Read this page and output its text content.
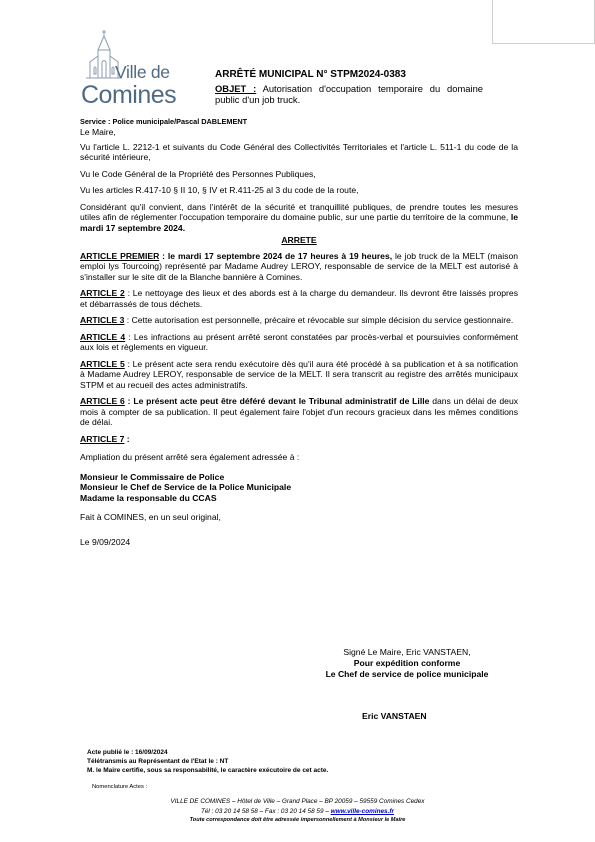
Ville de
Comines
ARRÊTÉ MUNICIPAL N° STPM2024-0383
OBJET : Autorisation d'occupation temporaire du domaine public d'un job truck.
Service : Police municipale/Pascal DABLEMENT

Le Maire,

Vu l'article L. 2212-1 et suivants du Code Général des Collectivités Territoriales et l'article L. 511-1 du code de la sécurité intérieure,

Vu le Code Général de la Propriété des Personnes Publiques,

Vu les articles R.417-10 § II 10, § IV et R.411-25 al 3 du code de la route,

Considérant qu'il convient, dans l'intérêt de la sécurité et tranquillité publiques, de prendre toutes les mesures utiles afin de réglementer l'occupation temporaire du domaine public, sur une partie du territoire de la commune, le mardi 17 septembre 2024.

ARRETE

ARTICLE PREMIER : le mardi 17 septembre 2024 de 17 heures à 19 heures, le job truck de la MELT (maison emploi lys Tourcoing) représenté par Madame Audrey LEROY, responsable de service de la MELT est autorisé à s'installer sur le site dit de la Blanche bannière à Comines.

ARTICLE 2 : Le nettoyage des lieux et des abords est à la charge du demandeur. Ils devront être laissés propres et débarrassés de tous déchets.

ARTICLE 3 : Cette autorisation est personnelle, précaire et révocable sur simple décision du service gestionnaire.

ARTICLE 4 : Les infractions au présent arrêté seront constatées par procès-verbal et poursuivies conformément aux lois et règlements en vigueur.

ARTICLE 5 : Le présent acte sera rendu exécutoire dès qu'il aura été procédé à sa publication et à sa notification à Madame Audrey LEROY, responsable de service de la MELT. Il sera transcrit au registre des arrêtés municipaux STPM et au recueil des actes administratifs.

ARTICLE 6 : Le présent acte peut être déféré devant le Tribunal administratif de Lille dans un délai de deux mois à compter de sa publication. Il peut également faire l'objet d'un recours gracieux dans les mêmes conditions de délai.

ARTICLE 7 :

Ampliation du présent arrêté sera également adressée à :

Monsieur le Commissaire de Police
Monsieur le Chef de Service de la Police Municipale
Madame la responsable du CCAS

Fait à COMINES, en un seul original,

Le 9/09/2024

Signé Le Maire, Eric VANSTAEN,
Pour expédition conforme
Le Chef de service de police municipale
Eric VANSTAEN
Acte publié le : 16/09/2024
Télétransmis au Représentant de l'Etat le : NT
M. le Maire certifie, sous sa responsabilité, le caractère exécutoire de cet acte.
Nomenclature Actes :
VILLE DE COMINES – Hôtel de Ville – Grand Place – BP 20059 – 59559 Comines Cedex
Tél : 03 20 14 58 58 – Fax : 03 20 14 58 59 – www.ville-comines.fr
Toute correspondance doit être adressée impersonnellement à Monsieur le Maire
